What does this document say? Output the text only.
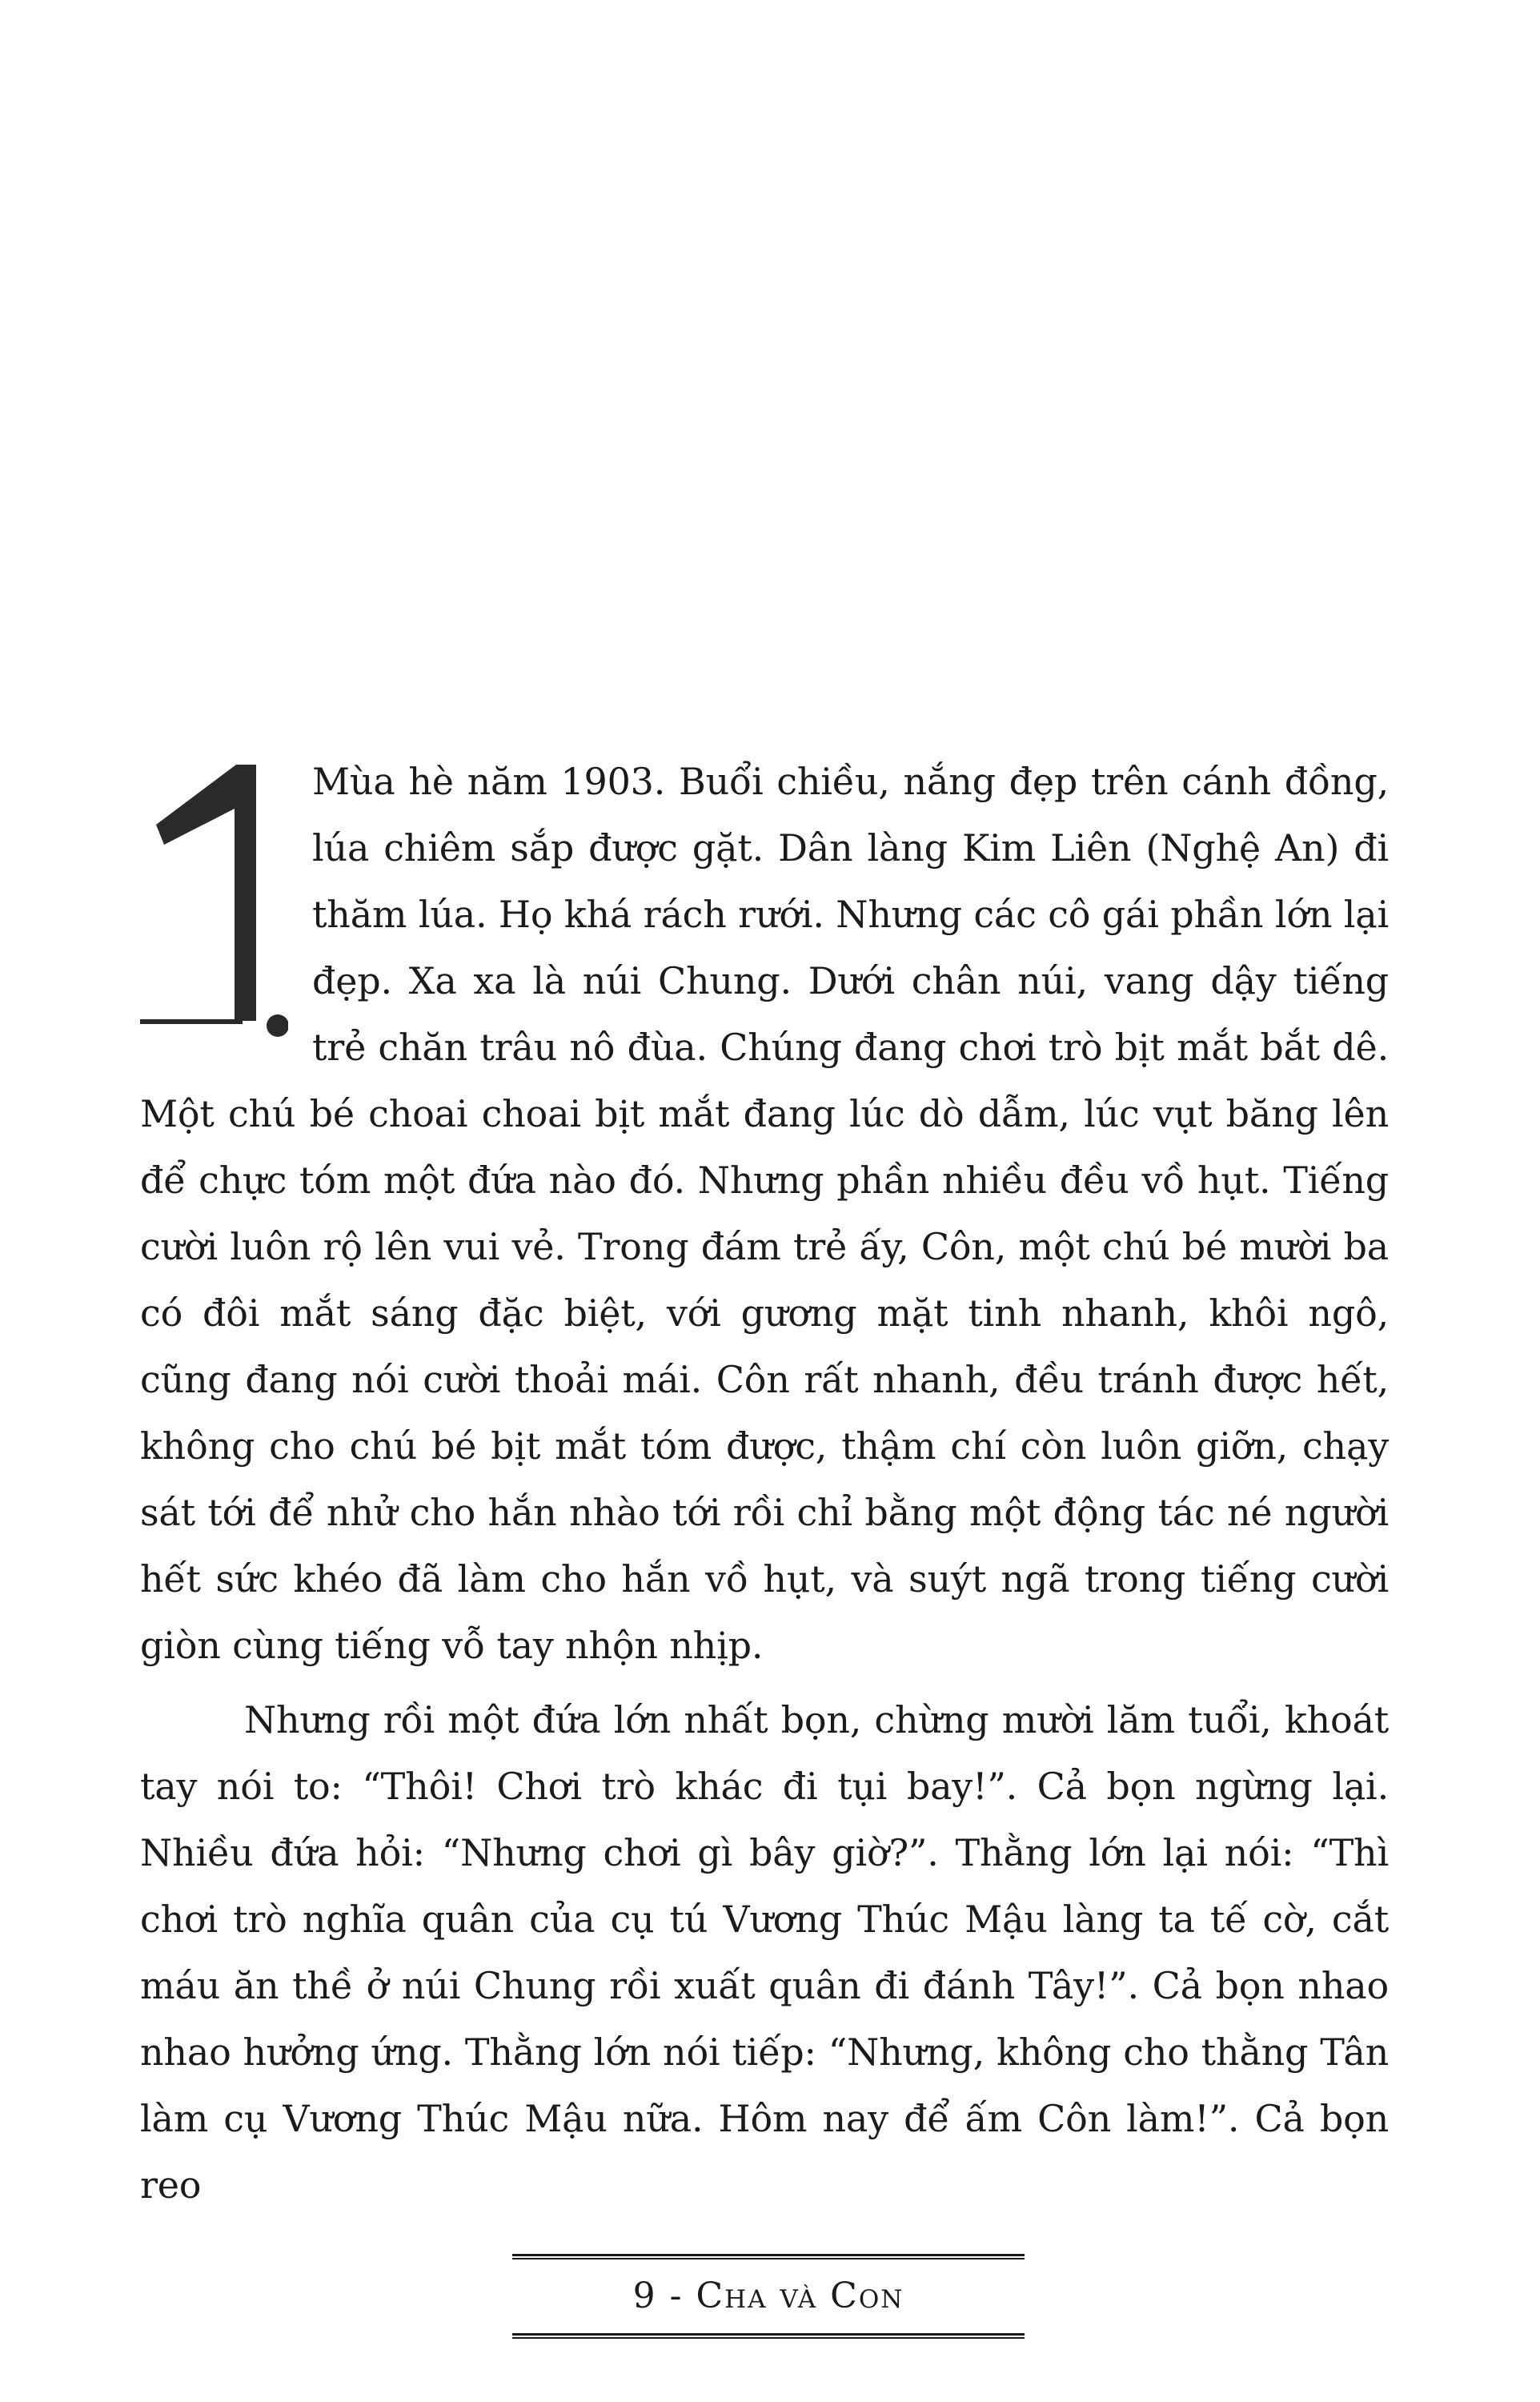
1

Mùa hè năm 1903. Buổi chiều, nắng đẹp trên cánh đồng, lúa chiêm sắp được gặt. Dân làng Kim Liên (Nghệ An) đi thăm lúa. Họ khá rách rưới. Nhưng các cô gái phần lớn lại đẹp. Xa xa là núi Chung. Dưới chân núi, vang dậy tiếng trẻ chăn trâu nô đùa. Chúng đang chơi trò bịt mắt bắt dê. Một chú bé choai choai bịt mắt đang lúc dò dẫm, lúc vụt băng lên để chực tóm một đứa nào đó. Nhưng phần nhiều đều vồ hụt. Tiếng cười luôn rộ lên vui vẻ. Trong đám trẻ ấy, Côn, một chú bé mười ba có đôi mắt sáng đặc biệt, với gương mặt tinh nhanh, khôi ngô, cũng đang nói cười thoải mái. Côn rất nhanh, đều tránh được hết, không cho chú bé bịt mắt tóm được, thậm chí còn luôn giỡn, chạy sát tới để nhử cho hắn nhào tới rồi chỉ bằng một động tác né người hết sức khéo đã làm cho hắn vồ hụt, và suýt ngã trong tiếng cười giòn cùng tiếng vỗ tay nhộn nhịp.

Nhưng rồi một đứa lớn nhất bọn, chừng mười lăm tuổi, khoát tay nói to: “Thôi! Chơi trò khác đi tụi bay!”. Cả bọn ngừng lại. Nhiều đứa hỏi: “Nhưng chơi gì bây giờ?”. Thằng lớn lại nói: “Thì chơi trò nghĩa quân của cụ tú Vương Thúc Mậu làng ta tế cờ, cắt máu ăn thề ở núi Chung rồi xuất quân đi đánh Tây!”. Cả bọn nhao nhao hưởng ứng. Thằng lớn nói tiếp: “Nhưng, không cho thằng Tân làm cụ Vương Thúc Mậu nữa. Hôm nay để ấm Côn làm!”. Cả bọn reo

9 - Cha và Con
